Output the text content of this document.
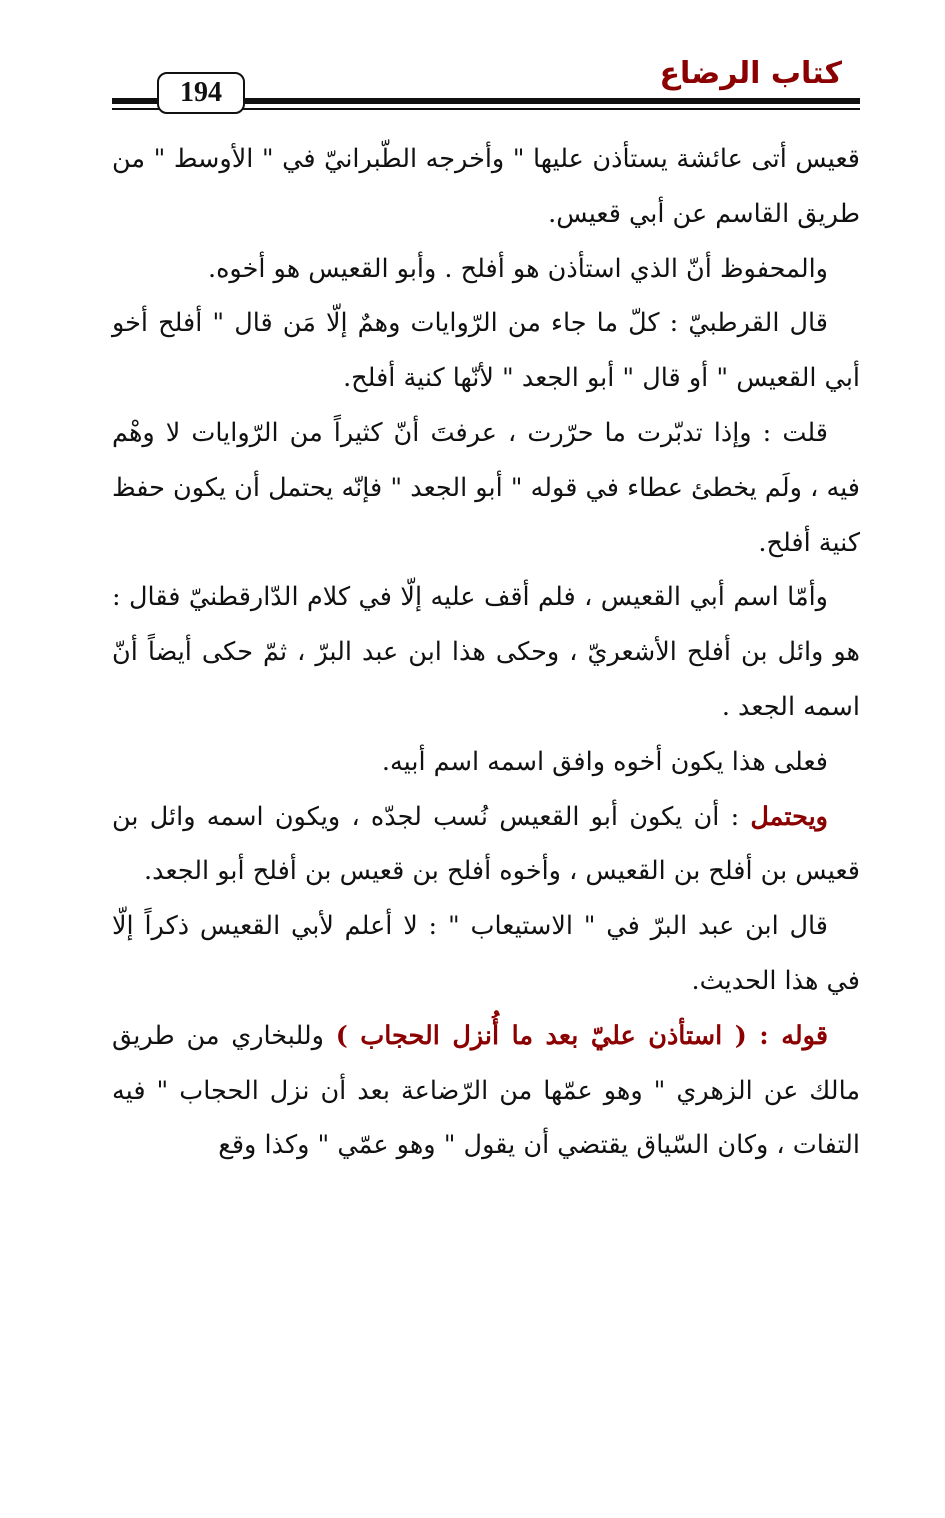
كتاب الرضاع
194

قعيس أتى عائشة يستأذن عليها " وأخرجه الطّبرانيّ في " الأوسط " من طريق القاسم عن أبي قعيس.

والمحفوظ أنّ الذي استأذن هو أفلح . وأبو القعيس هو أخوه.

قال القرطبيّ : كلّ ما جاء من الرّوايات وهمٌ إلّا مَن قال " أفلح أخو أبي القعيس " أو قال " أبو الجعد " لأنّها كنية أفلح.

قلت : وإذا تدبّرت ما حرّرت ، عرفتَ أنّ كثيراً من الرّوايات لا وهْم فيه ، ولَم يخطئ عطاء في قوله " أبو الجعد " فإنّه يحتمل أن يكون حفظ كنية أفلح.

وأمّا اسم أبي القعيس ، فلم أقف عليه إلّا في كلام الدّارقطنيّ فقال : هو وائل بن أفلح الأشعريّ ، وحكى هذا ابن عبد البرّ ، ثمّ حكى أيضاً أنّ اسمه الجعد .

فعلى هذا يكون أخوه وافق اسمه اسم أبيه.

ويحتمل : أن يكون أبو القعيس نُسب لجدّه ، ويكون اسمه وائل بن قعيس بن أفلح بن القعيس ، وأخوه أفلح بن قعيس بن أفلح أبو الجعد.

قال ابن عبد البرّ في " الاستيعاب " : لا أعلم لأبي القعيس ذكراً إلّا في هذا الحديث.

قوله : ( استأذن عليّ بعد ما أُنزل الحجاب ) وللبخاري من طريق مالك عن الزهري " وهو عمّها من الرّضاعة بعد أن نزل الحجاب " فيه التفات ، وكان السّياق يقتضي أن يقول " وهو عمّي " وكذا وقع
